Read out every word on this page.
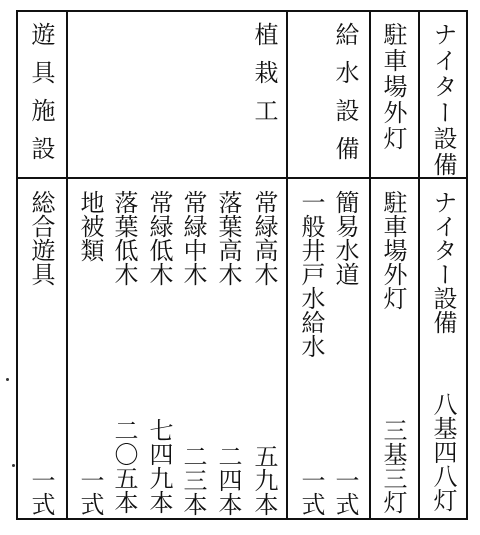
ナイター設備
駐車場外灯
給水設備
植栽工
遊具施設
ナイター設備
八基四八灯
駐車場外灯
三基三灯
簡易水道
一式
一般井戸水給水
一式
常緑高木
五九本
落葉高木
二四本
常緑中木
二三本
常緑低木
七四九本
落葉低木
二〇五本
地被類
一式
総合遊具
一式
